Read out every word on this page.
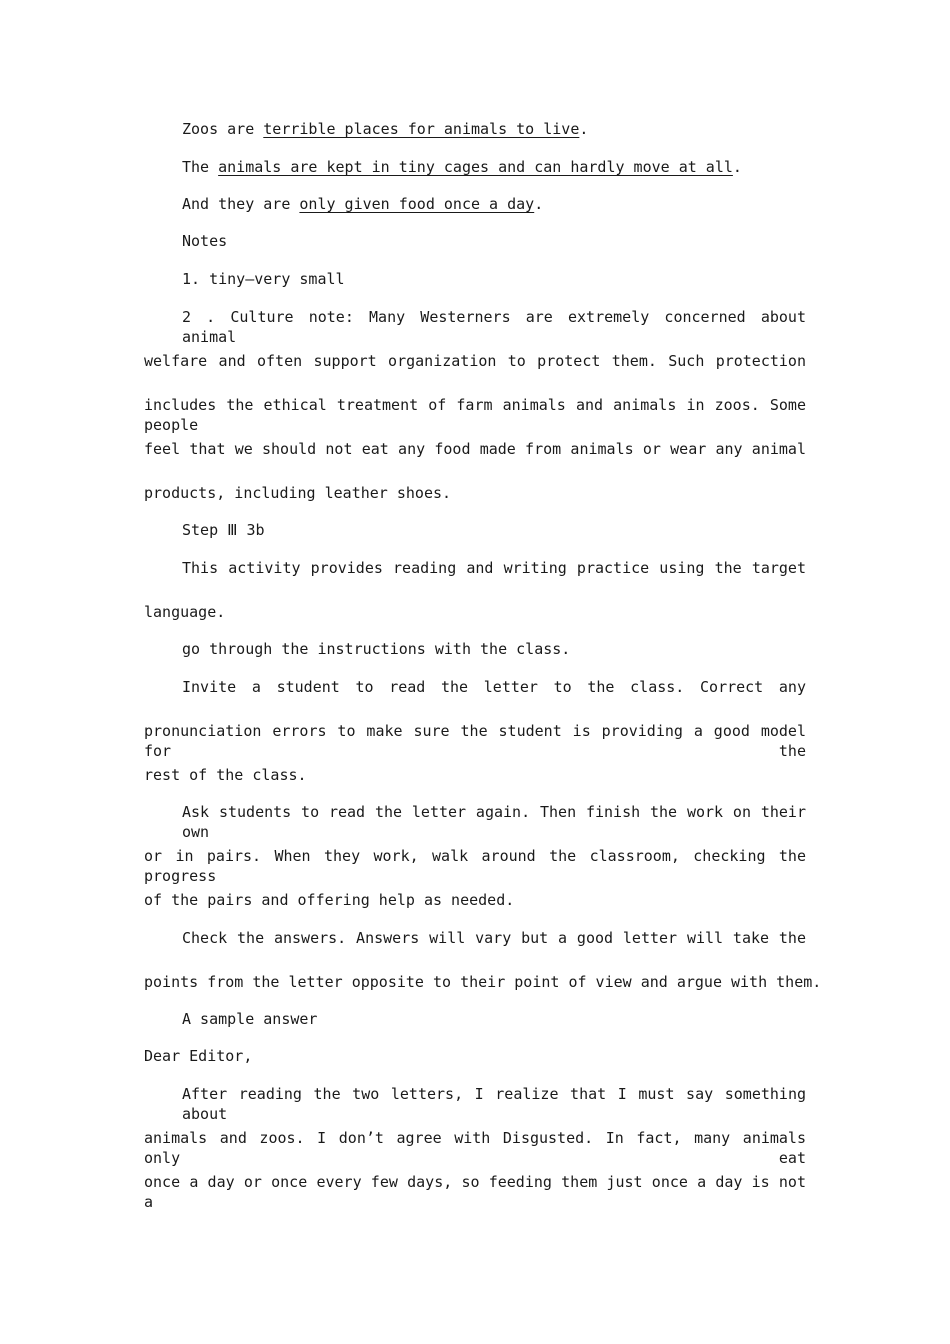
Zoos are terrible places for animals to live.
The animals are kept in tiny cages and can hardly move at all.
And they are only given food once a day.
Notes
1. tiny—very small
2 . Culture note: Many Westerners are extremely concerned about animal
welfare and often support organization to protect them. Such protection
includes the ethical treatment of farm animals and animals in zoos. Some people
feel that we should not eat any food made from animals or wear any animal
products, including leather shoes.
Step Ⅲ 3b
This activity provides reading and writing practice using the target
language.
go through the instructions with the class.
Invite a student to read the letter to the class. Correct any
pronunciation errors to make sure the student is providing a good model for the
rest of the class.
Ask students to read the letter again. Then finish the work on their own
or in pairs. When they work, walk around the classroom, checking the progress
of the pairs and offering help as needed.
Check the answers. Answers will vary but a good letter will take the
points from the letter opposite to their point of view and argue with them.
A sample answer
Dear Editor,
After reading the two letters, I realize that I must say something about
animals and zoos. I don’t agree with Disgusted. In fact, many animals only eat
once a day or once every few days, so feeding them just once a day is not a
